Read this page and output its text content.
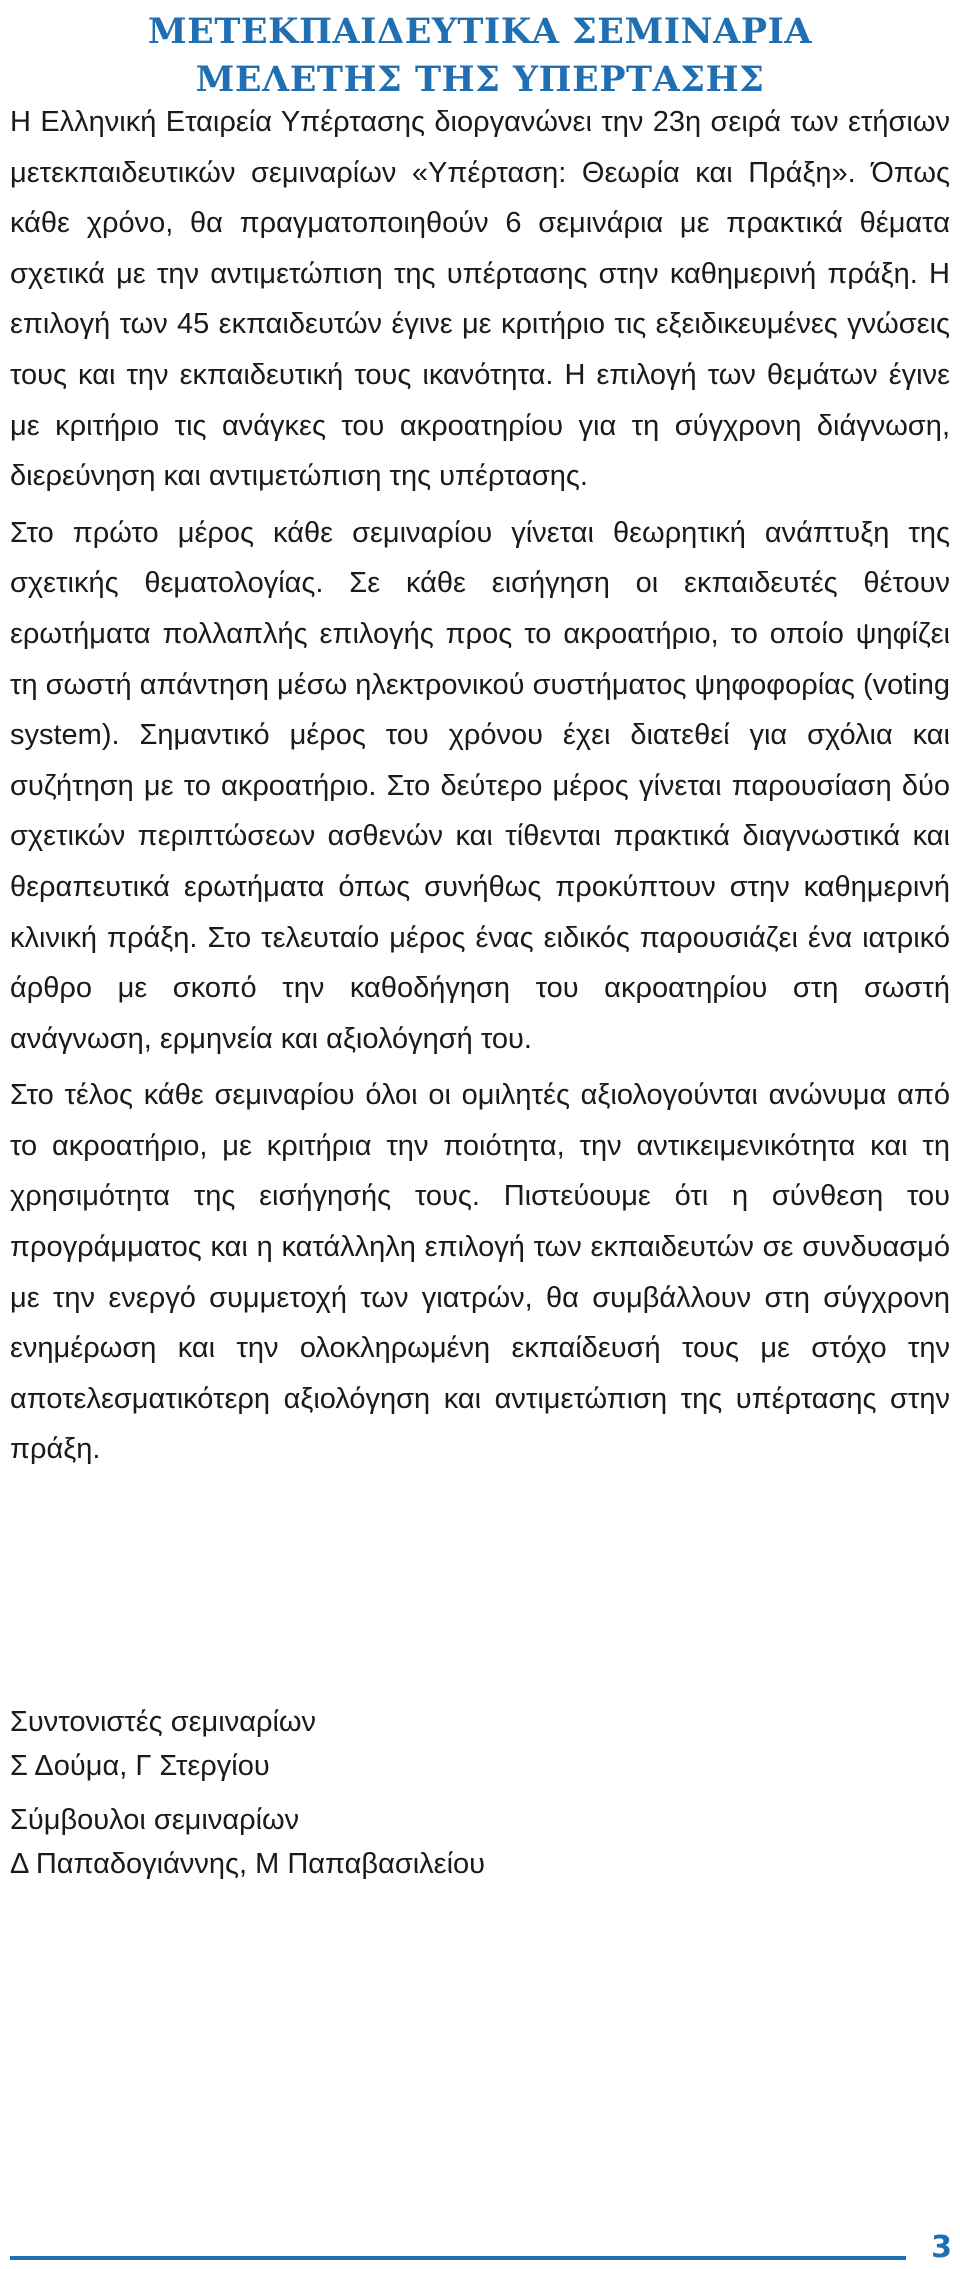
ΜΕΤΕΚΠΑΙΔΕΥΤΙΚΑ ΣΕΜΙΝΑΡΙΑ
ΜΕΛΕΤΗΣ ΤΗΣ ΥΠΕΡΤΑΣΗΣ

Η Ελληνική Εταιρεία Υπέρτασης διοργανώνει την 23η σειρά των ετήσιων μετεκπαιδευτικών σεμιναρίων «Υπέρταση: Θεωρία και Πράξη». Όπως κάθε χρόνο, θα πραγματοποιηθούν 6 σεμινάρια με πρακτικά θέματα σχετικά με την αντιμετώπιση της υπέρτασης στην καθημερινή πράξη. Η επιλογή των 45 εκπαιδευτών έγινε με κριτήριο τις εξειδικευμένες γνώσεις τους και την εκπαιδευτική τους ικανότητα. Η επιλογή των θεμάτων έγινε με κριτήριο τις ανάγκες του ακροατηρίου για τη σύγχρονη διάγνωση, διερεύνηση και αντιμετώπιση της υπέρτασης.

Στο πρώτο μέρος κάθε σεμιναρίου γίνεται θεωρητική ανάπτυξη της σχετικής θεματολογίας. Σε κάθε εισήγηση οι εκπαιδευτές θέτουν ερωτήματα πολλαπλής επιλογής προς το ακροατήριο, το οποίο ψηφίζει τη σωστή απάντηση μέσω ηλεκτρονικού συστήματος ψηφοφορίας (voting system). Σημαντικό μέρος του χρόνου έχει διατεθεί για σχόλια και συζήτηση με το ακροατήριο. Στο δεύτερο μέρος γίνεται παρουσίαση δύο σχετικών περιπτώσεων ασθενών και τίθενται πρακτικά διαγνωστικά και θεραπευτικά ερωτήματα όπως συνήθως προκύπτουν στην καθημερινή κλινική πράξη. Στο τελευταίο μέρος ένας ειδικός παρουσιάζει ένα ιατρικό άρθρο με σκοπό την καθοδήγηση του ακροατηρίου στη σωστή ανάγνωση, ερμηνεία και αξιολόγησή του.

Στο τέλος κάθε σεμιναρίου όλοι οι ομιλητές αξιολογούνται ανώνυμα από το ακροατήριο, με κριτήρια την ποιότητα, την αντικειμενικότητα και τη χρησιμότητα της εισήγησής τους. Πιστεύουμε ότι η σύνθεση του προγράμματος και η κατάλληλη επιλογή των εκπαιδευτών σε συνδυασμό με την ενεργό συμμετοχή των γιατρών, θα συμβάλλουν στη σύγχρονη ενημέρωση και την ολοκληρωμένη εκπαίδευσή τους με στόχο την αποτελεσματικότερη αξιολόγηση και αντιμετώπιση της υπέρτασης στην πράξη.

Συντονιστές σεμιναρίων
Σ Δούμα, Γ Στεργίου
Σύμβουλοι σεμιναρίων
Δ Παπαδογιάννης, Μ Παπαβασιλείου
3
